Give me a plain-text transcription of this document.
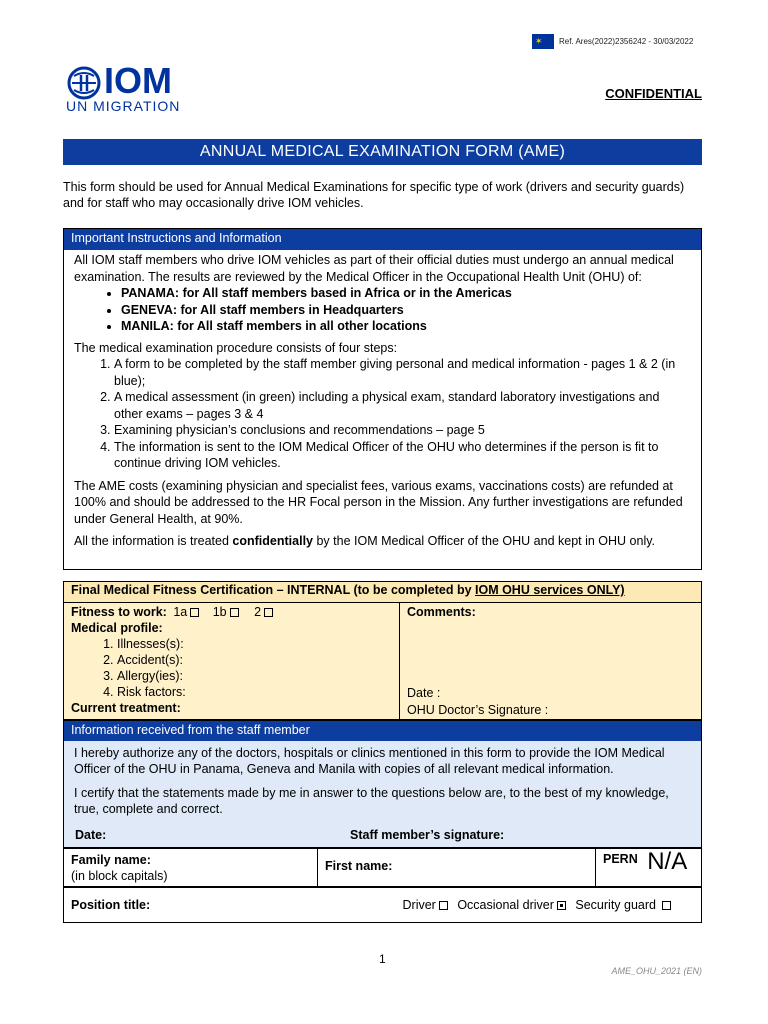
✶ Ref. Ares(2022)2356242 - 30/03/2022
IOM
UN MIGRATION
CONFIDENTIAL
ANNUAL MEDICAL EXAMINATION FORM (AME)
This form should be used for Annual Medical Examinations for specific type of work (drivers and security guards) and for staff who may occasionally drive IOM vehicles.
Important Instructions and Information

All IOM staff members who drive IOM vehicles as part of their official duties must undergo an annual medical examination. The results are reviewed by the Medical Officer in the Occupational Health Unit (OHU) of:

• PANAMA: for All staff members based in Africa or in the Americas
• GENEVA: for All staff members in Headquarters
• MANILA: for All staff members in all other locations

The medical examination procedure consists of four steps:

1. A form to be completed by the staff member giving personal and medical information - pages 1 & 2 (in blue);
2. A medical assessment (in green) including a physical exam, standard laboratory investigations and other exams – pages 3 & 4
3. Examining physician’s conclusions and recommendations – page 5
4. The information is sent to the IOM Medical Officer of the OHU who determines if the person is fit to continue driving IOM vehicles.

The AME costs (examining physician and specialist fees, various exams, vaccinations costs) are refunded at 100% and should be addressed to the HR Focal person in the Mission. Any further investigations are refunded under General Health, at 90%.

All the information is treated confidentially by the IOM Medical Officer of the OHU and kept in OHU only.

Final Medical Fitness Certification – INTERNAL (to be completed by IOM OHU services ONLY)
Fitness to work: 1a 1b 2
Medical profile:
1. Illnesses(s):
2. Accident(s):
3. Allergy(ies):
4. Risk factors:
Current treatment:
Comments:
Date :
OHU Doctor’s Signature :
Information received from the staff member

I hereby authorize any of the doctors, hospitals or clinics mentioned in this form to provide the IOM Medical Officer of the OHU in Panama, Geneva and Manila with copies of all relevant medical information.

I certify that the statements made by me in answer to the questions below are, to the best of my knowledge, true, complete and correct.

Date:	Staff member’s signature:
Family name:
(in block capitals)
First name:	PERN N/A
Position title:	Driver Occasional driver Security guard
1
AME_OHU_2021 (EN)
